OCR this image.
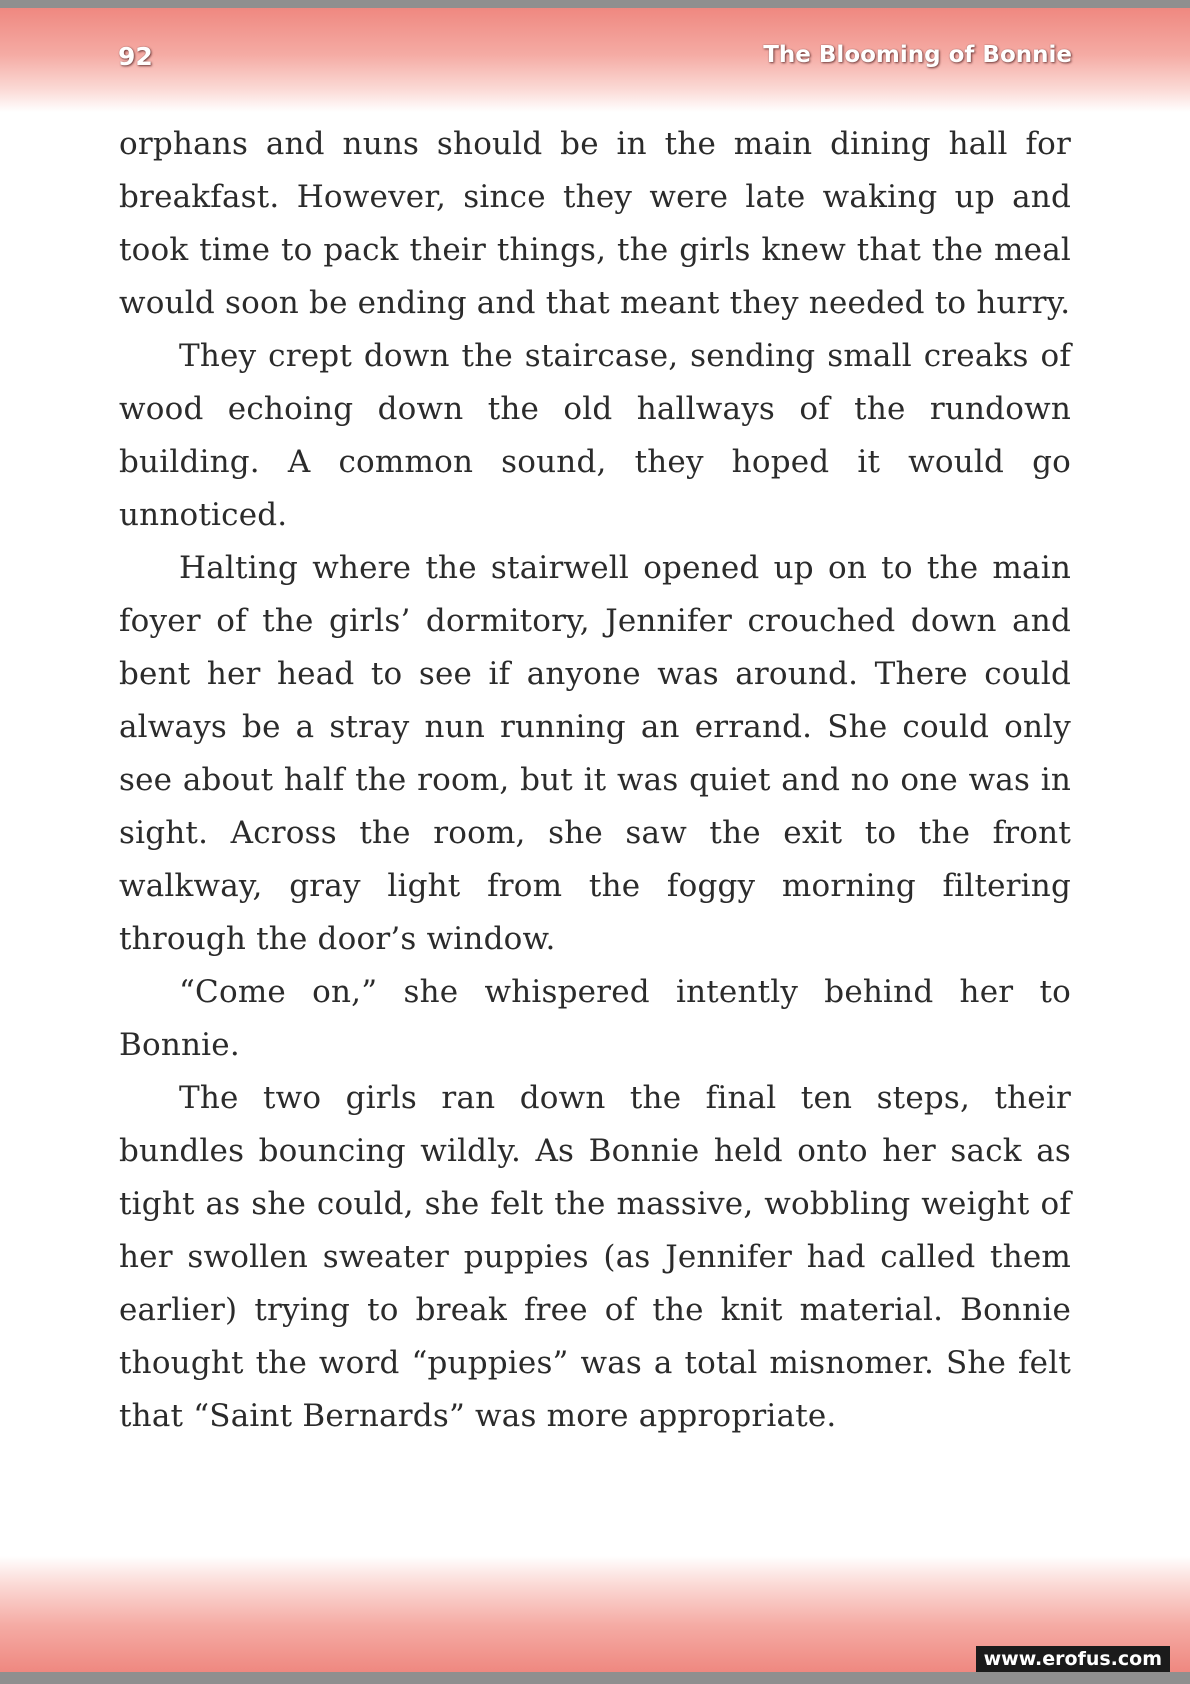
92	The Blooming of Bonnie

orphans and nuns should be in the main dining hall for breakfast. However, since they were late waking up and took time to pack their things, the girls knew that the meal would soon be ending and that meant they needed to hurry.

They crept down the staircase, sending small creaks of wood echoing down the old hallways of the rundown building. A common sound, they hoped it would go unnoticed.

Halting where the stairwell opened up on to the main foyer of the girls’ dormitory, Jennifer crouched down and bent her head to see if anyone was around. There could always be a stray nun running an errand. She could only see about half the room, but it was quiet and no one was in sight. Across the room, she saw the exit to the front walkway, gray light from the foggy morning filtering through the door’s window.

“Come on,” she whispered intently behind her to Bonnie.

The two girls ran down the final ten steps, their bundles bouncing wildly. As Bonnie held onto her sack as tight as she could, she felt the massive, wobbling weight of her swollen sweater puppies (as Jennifer had called them earlier) trying to break free of the knit material. Bonnie thought the word “puppies” was a total misnomer. She felt that “Saint Bernards” was more appropriate.

www.erofus.com
